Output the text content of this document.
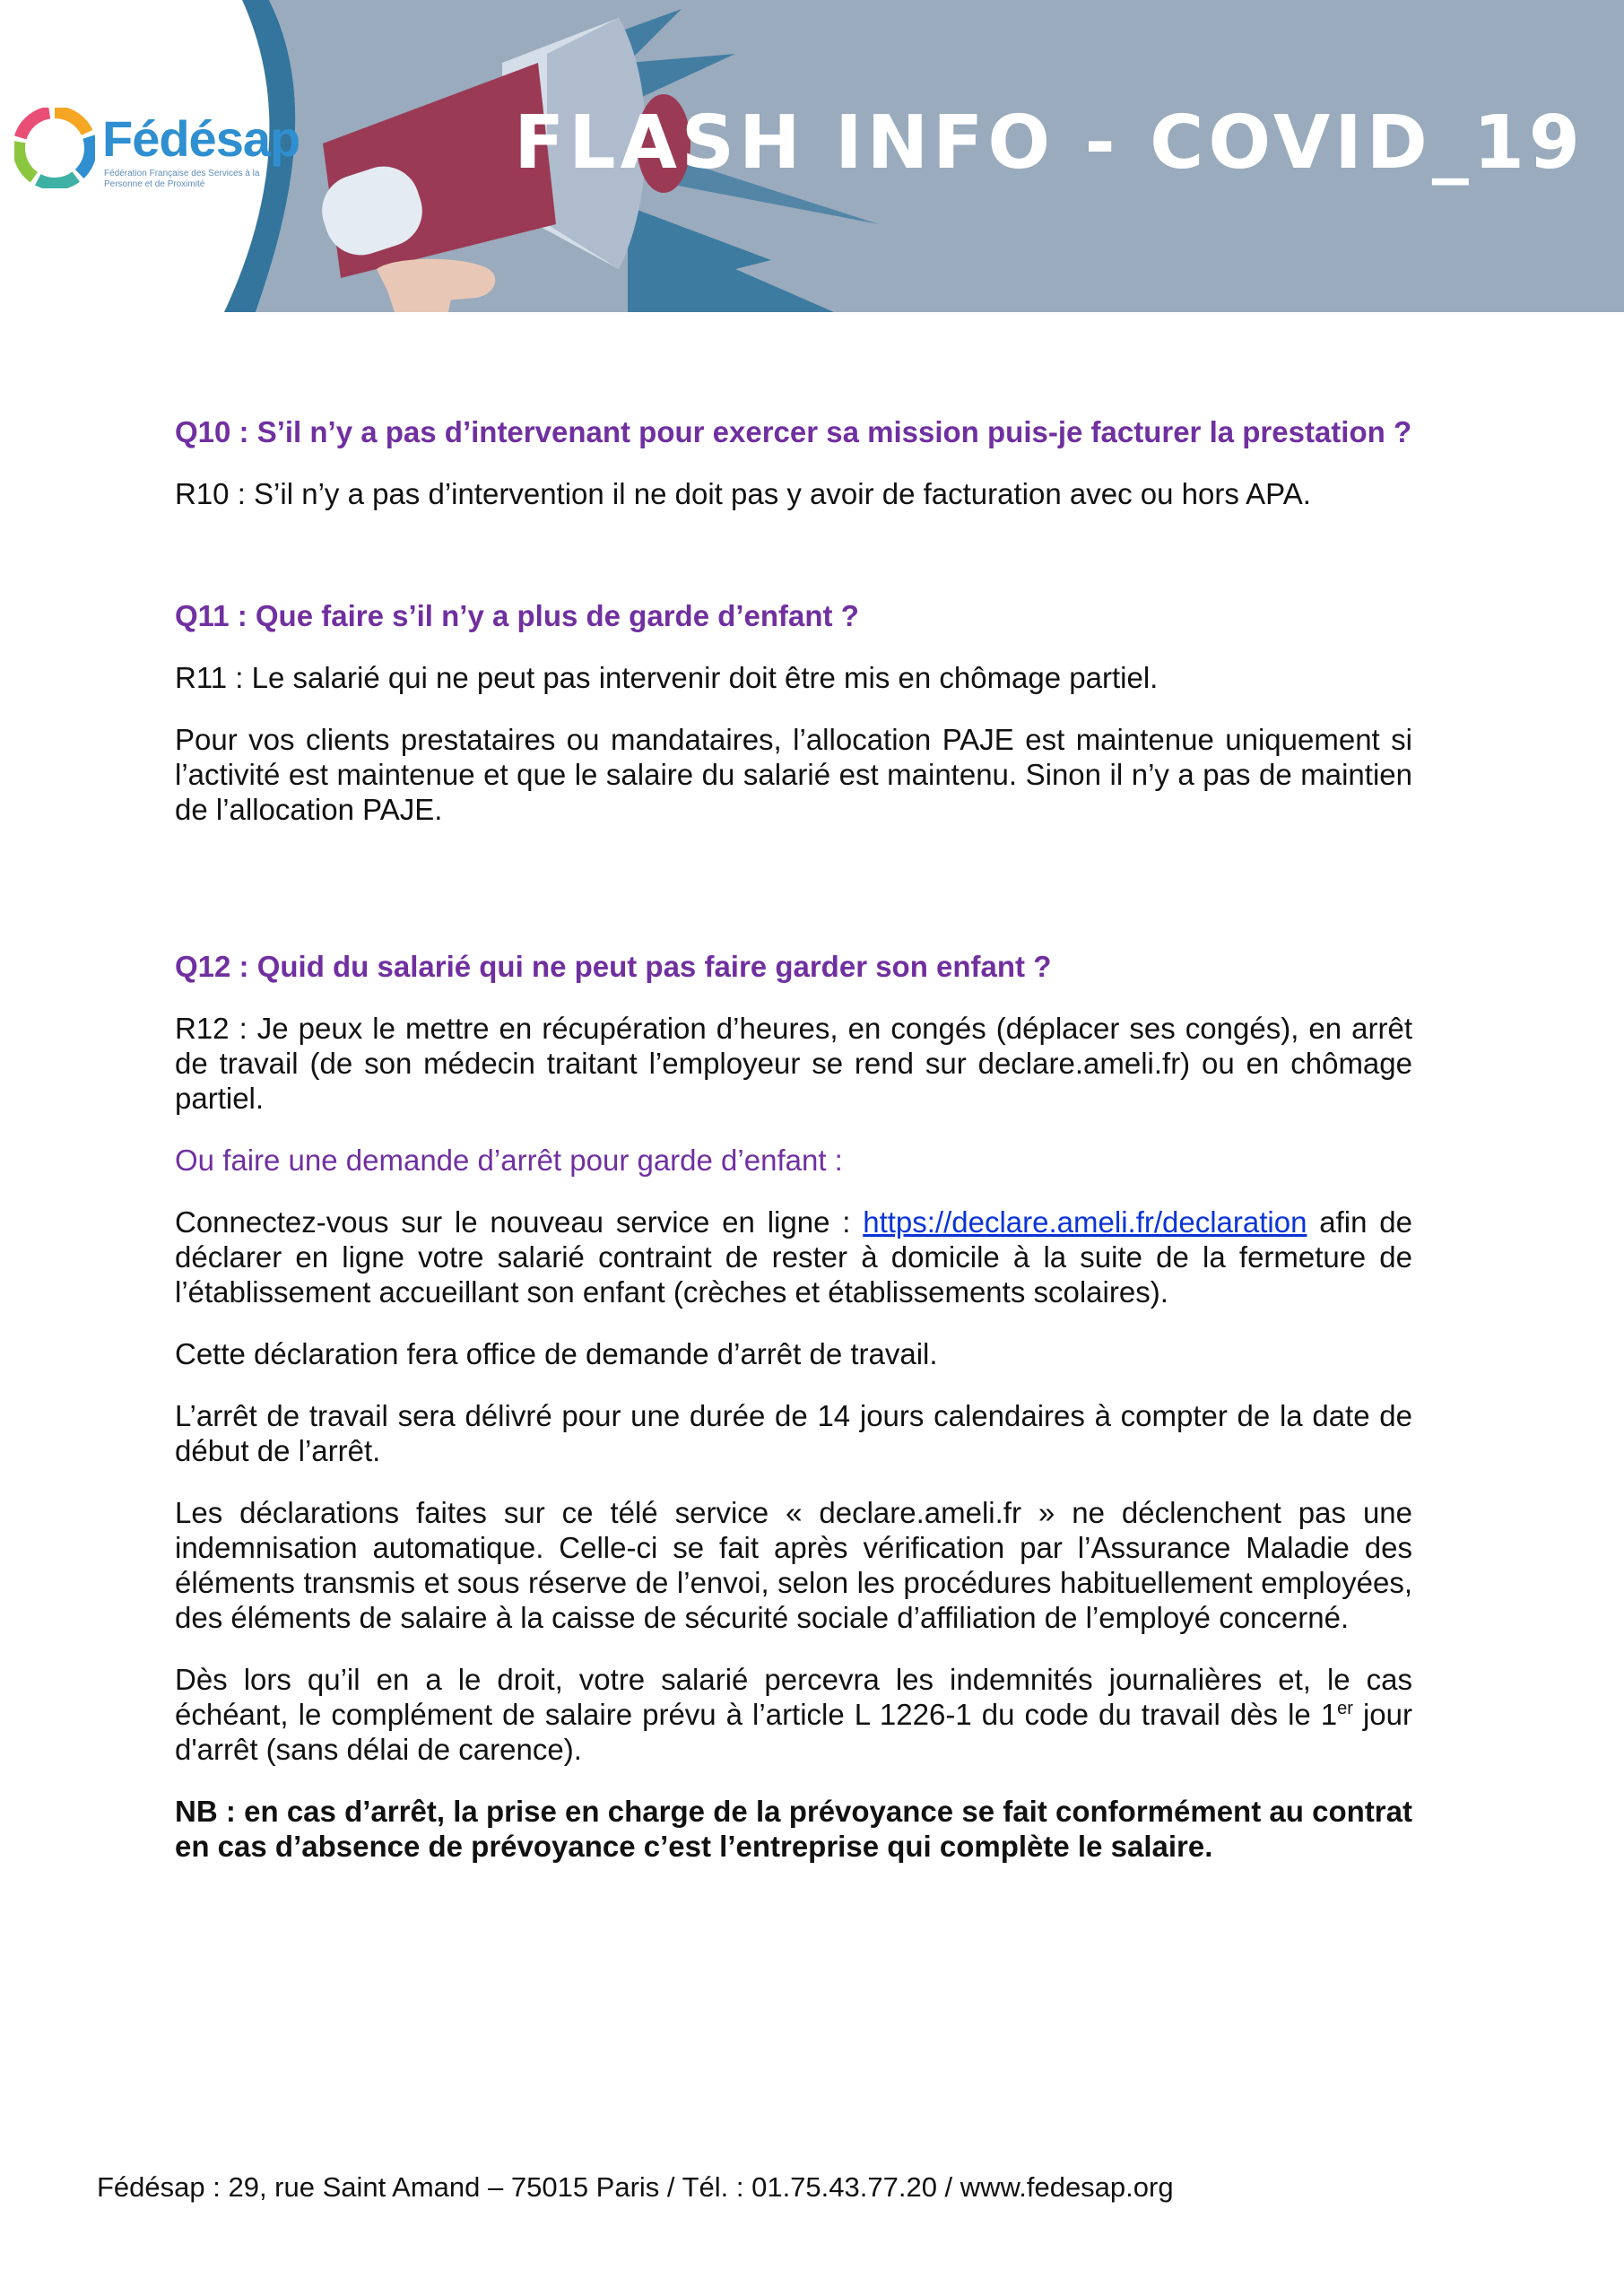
Fédésap
Fédération Française des Services à la Personne et de Proximité	FLASH INFO - COVID_19
Q10 : S’il n’y a pas d’intervenant pour exercer sa mission puis-je facturer la prestation ?
R10 : S’il n’y a pas d’intervention il ne doit pas y avoir de facturation avec ou hors APA.
Q11 : Que faire s’il n’y a plus de garde d’enfant ?
R11 : Le salarié qui ne peut pas intervenir doit être mis en chômage partiel.
Pour vos clients prestataires ou mandataires, l’allocation PAJE est maintenue uniquement si l’activité est maintenue et que le salaire du salarié est maintenu. Sinon il n’y a pas de maintien de l’allocation PAJE.
Q12 : Quid du salarié qui ne peut pas faire garder son enfant ?
R12 : Je peux le mettre en récupération d’heures, en congés (déplacer ses congés), en arrêt de travail (de son médecin traitant l’employeur se rend sur declare.ameli.fr) ou en chômage partiel.
Ou faire une demande d’arrêt pour garde d’enfant :
Connectez-vous sur le nouveau service en ligne : https://declare.ameli.fr/declaration afin de déclarer en ligne votre salarié contraint de rester à domicile à la suite de la fermeture de l’établissement accueillant son enfant (crèches et établissements scolaires).
Cette déclaration fera office de demande d’arrêt de travail.
L’arrêt de travail sera délivré pour une durée de 14 jours calendaires à compter de la date de début de l’arrêt.
Les déclarations faites sur ce télé service « declare.ameli.fr » ne déclenchent pas une indemnisation automatique. Celle-ci se fait après vérification par l’Assurance Maladie des éléments transmis et sous réserve de l’envoi, selon les procédures habituellement employées, des éléments de salaire à la caisse de sécurité sociale d’affiliation de l’employé concerné.
Dès lors qu’il en a le droit, votre salarié percevra les indemnités journalières et, le cas échéant, le complément de salaire prévu à l’article L 1226-1 du code du travail dès le 1er jour d'arrêt (sans délai de carence).
NB : en cas d’arrêt, la prise en charge de la prévoyance se fait conformément au contrat en cas d’absence de prévoyance c’est l’entreprise qui complète le salaire.
Fédésap : 29, rue Saint Amand – 75015 Paris / Tél. : 01.75.43.77.20 / www.fedesap.org
